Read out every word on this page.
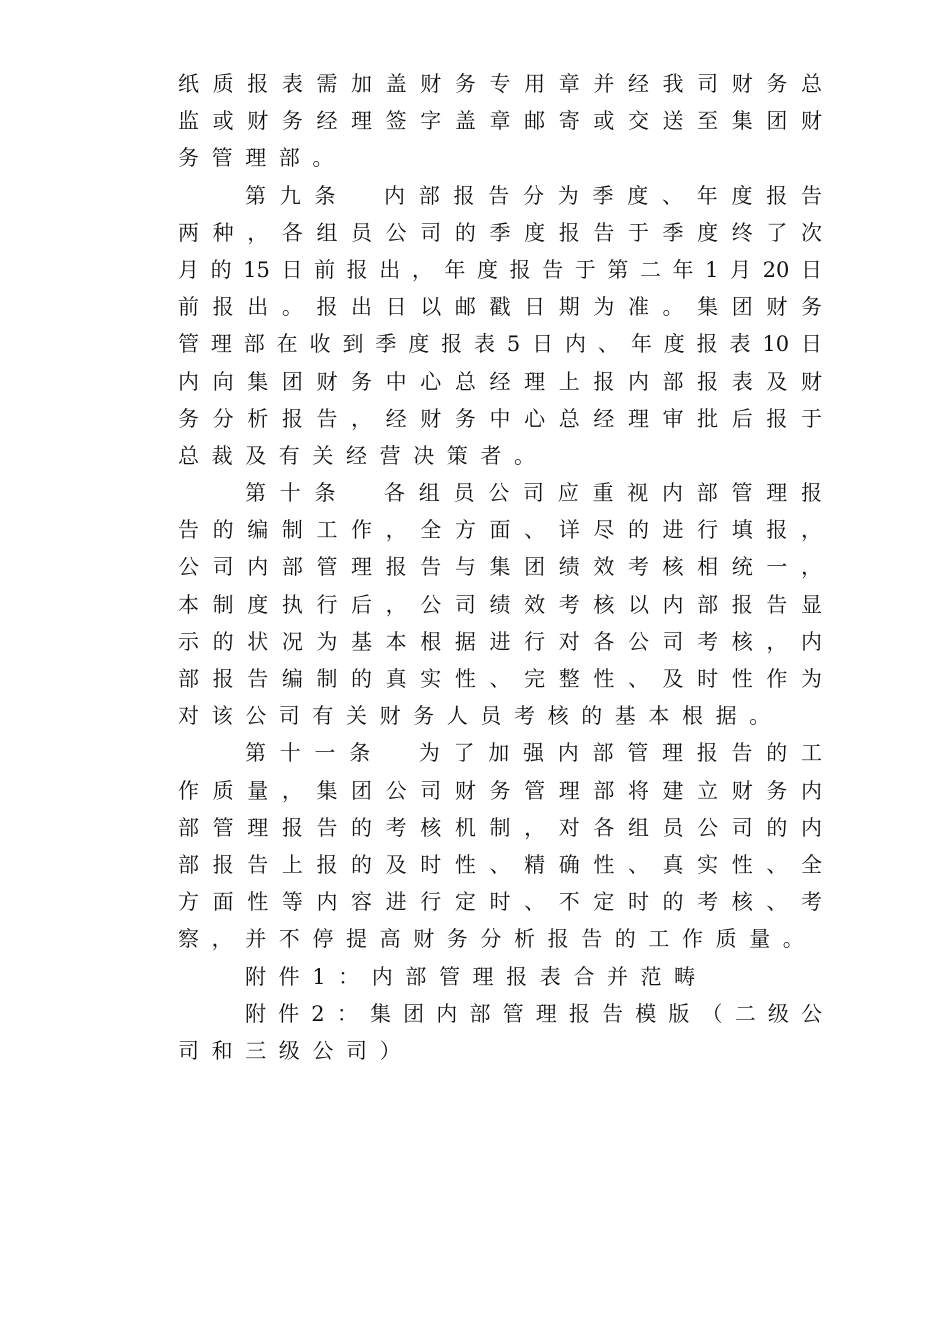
纸质报表需加盖财务专用章并经我司财务总
监或财务经理签字盖章邮寄或交送至集团财
务管理部。
第九条　内部报告分为季度、年度报告
两种，各组员公司的季度报告于季度终了次
月的15日前报出，年度报告于第二年1月20日
前报出。报出日以邮戳日期为准。集团财务
管理部在收到季度报表5日内、年度报表10日
内向集团财务中心总经理上报内部报表及财
务分析报告，经财务中心总经理审批后报于
总裁及有关经营决策者。
第十条　各组员公司应重视内部管理报
告的编制工作，全方面、详尽的进行填报，
公司内部管理报告与集团绩效考核相统一，
本制度执行后，公司绩效考核以内部报告显
示的状况为基本根据进行对各公司考核，内
部报告编制的真实性、完整性、及时性作为
对该公司有关财务人员考核的基本根据。
第十一条　为了加强内部管理报告的工
作质量，集团公司财务管理部将建立财务内
部管理报告的考核机制，对各组员公司的内
部报告上报的及时性、精确性、真实性、全
方面性等内容进行定时、不定时的考核、考
察，并不停提高财务分析报告的工作质量。
附件1：内部管理报表合并范畴
附件2：集团内部管理报告模版（二级公
司和三级公司）
